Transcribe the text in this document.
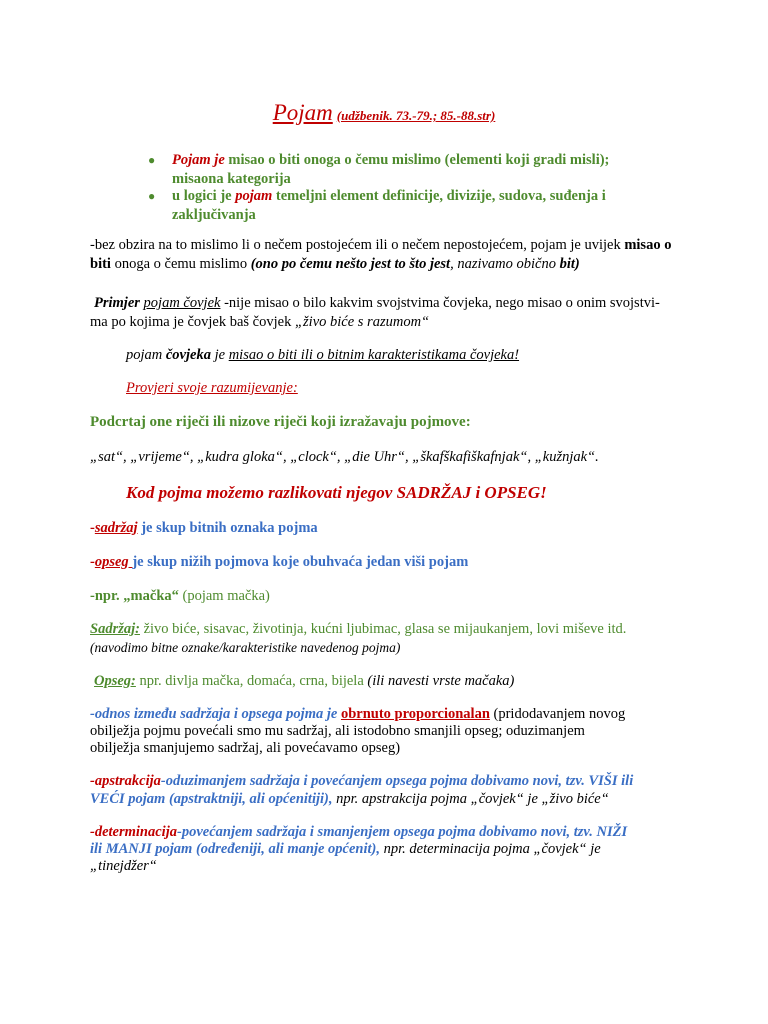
Pojam (udžbenik. 73.-79.; 85.-88.str)
● Pojam je misao o biti onoga o čemu mislimo (elementi koji gradi misli);
misaona kategorija
● u logici je pojam temeljni element definicije, divizije, sudova, suđenja i
zaključivanja
-bez obzira na to mislimo li o nečem postojećem ili o nečem nepostojećem, pojam je uvijek misao o
biti onoga o čemu mislimo (ono po čemu nešto jest to što jest, nazivamo obično bit)
Primjer pojam čovjek -nije misao o bilo kakvim svojstvima čovjeka, nego misao o onim svojstvi-
ma po kojima je čovjek baš čovjek „živo biće s razumom“
pojam čovjeka je misao o biti ili o bitnim karakteristikama čovjeka!
Provjeri svoje razumijevanje:
Podcrtaj one riječi ili nizove riječi koji izražavaju pojmove:
„sat“, „vrijeme“, „kudra gloka“, „clock“, „die Uhr“, „škafškafiškafnjak“, „kužnjak“.
Kod pojma možemo razlikovati njegov SADRŽAJ i OPSEG!
-sadržaj je skup bitnih oznaka pojma
-opseg je skup nižih pojmova koje obuhvaća jedan viši pojam
-npr. „mačka“ (pojam mačka)
Sadržaj: živo biće, sisavac, životinja, kućni ljubimac, glasa se mijaukanjem, lovi miševe itd.
(navodimo bitne oznake/karakteristike navedenog pojma)
Opseg: npr. divlja mačka, domaća, crna, bijela (ili navesti vrste mačaka)
-odnos između sadržaja i opsega pojma je obrnuto proporcionalan (pridodavanjem novog
obilježja pojmu povećali smo mu sadržaj, ali istodobno smanjili opseg; oduzimanjem
obilježja smanjujemo sadržaj, ali povećavamo opseg)
-apstrakcija-oduzimanjem sadržaja i povećanjem opsega pojma dobivamo novi, tzv. VIŠI ili
VEĆI pojam (apstraktniji, ali općenitiji), npr. apstrakcija pojma „čovjek“ je „živo biće“
-determinacija-povećanjem sadržaja i smanjenjem opsega pojma dobivamo novi, tzv. NIŽI
ili MANJI pojam (određeniji, ali manje općenit), npr. determinacija pojma „čovjek“ je
„tinejdžer“
